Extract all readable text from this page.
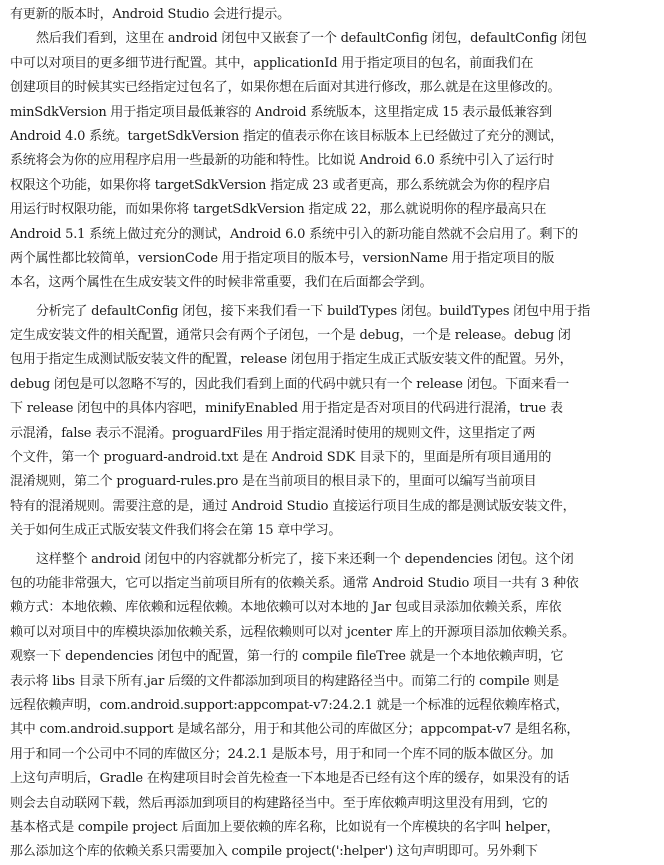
有更新的版本时，Android Studio 会进行提示。
然后我们看到，这里在 android 闭包中又嵌套了一个 defaultConfig 闭包，defaultConfig 闭包
中可以对项目的更多细节进行配置。其中，applicationId 用于指定项目的包名，前面我们在
创建项目的时候其实已经指定过包名了，如果你想在后面对其进行修改，那么就是在这里修改的。
minSdkVersion 用于指定项目最低兼容的 Android 系统版本，这里指定成 15 表示最低兼容到
Android 4.0 系统。targetSdkVersion 指定的值表示你在该目标版本上已经做过了充分的测试，
系统将会为你的应用程序启用一些最新的功能和特性。比如说 Android 6.0 系统中引入了运行时
权限这个功能，如果你将 targetSdkVersion 指定成 23 或者更高，那么系统就会为你的程序启
用运行时权限功能，而如果你将 targetSdkVersion 指定成 22，那么就说明你的程序最高只在
Android 5.1 系统上做过充分的测试，Android 6.0 系统中引入的新功能自然就不会启用了。剩下的
两个属性都比较简单，versionCode 用于指定项目的版本号，versionName 用于指定项目的版
本名，这两个属性在生成安装文件的时候非常重要，我们在后面都会学到。
分析完了 defaultConfig 闭包，接下来我们看一下 buildTypes 闭包。buildTypes 闭包中用于指
定生成安装文件的相关配置，通常只会有两个子闭包，一个是 debug，一个是 release。debug 闭
包用于指定生成测试版安装文件的配置，release 闭包用于指定生成正式版安装文件的配置。另外，
debug 闭包是可以忽略不写的，因此我们看到上面的代码中就只有一个 release 闭包。下面来看一
下 release 闭包中的具体内容吧，minifyEnabled 用于指定是否对项目的代码进行混淆，true 表
示混淆，false 表示不混淆。proguardFiles 用于指定混淆时使用的规则文件，这里指定了两
个文件，第一个 proguard-android.txt 是在 Android SDK 目录下的，里面是所有项目通用的
混淆规则，第二个 proguard-rules.pro 是在当前项目的根目录下的，里面可以编写当前项目
特有的混淆规则。需要注意的是，通过 Android Studio 直接运行项目生成的都是测试版安装文件，
关于如何生成正式版安装文件我们将会在第 15 章中学习。
这样整个 android 闭包中的内容就都分析完了，接下来还剩一个 dependencies 闭包。这个闭
包的功能非常强大，它可以指定当前项目所有的依赖关系。通常 Android Studio 项目一共有 3 种依
赖方式：本地依赖、库依赖和远程依赖。本地依赖可以对本地的 Jar 包或目录添加依赖关系，库依
赖可以对项目中的库模块添加依赖关系，远程依赖则可以对 jcenter 库上的开源项目添加依赖关系。
观察一下 dependencies 闭包中的配置，第一行的 compile fileTree 就是一个本地依赖声明，它
表示将 libs 目录下所有.jar 后缀的文件都添加到项目的构建路径当中。而第二行的 compile 则是
远程依赖声明，com.android.support:appcompat-v7:24.2.1 就是一个标准的远程依赖库格式，
其中 com.android.support 是域名部分，用于和其他公司的库做区分；appcompat-v7 是组名称，
用于和同一个公司中不同的库做区分；24.2.1 是版本号，用于和同一个库不同的版本做区分。加
上这句声明后，Gradle 在构建项目时会首先检查一下本地是否已经有这个库的缓存，如果没有的话
则会去自动联网下载，然后再添加到项目的构建路径当中。至于库依赖声明这里没有用到，它的
基本格式是 compile project 后面加上要依赖的库名称，比如说有一个库模块的名字叫 helper，
那么添加这个库的依赖关系只需要加入 compile project(':helper') 这句声明即可。另外剩下
